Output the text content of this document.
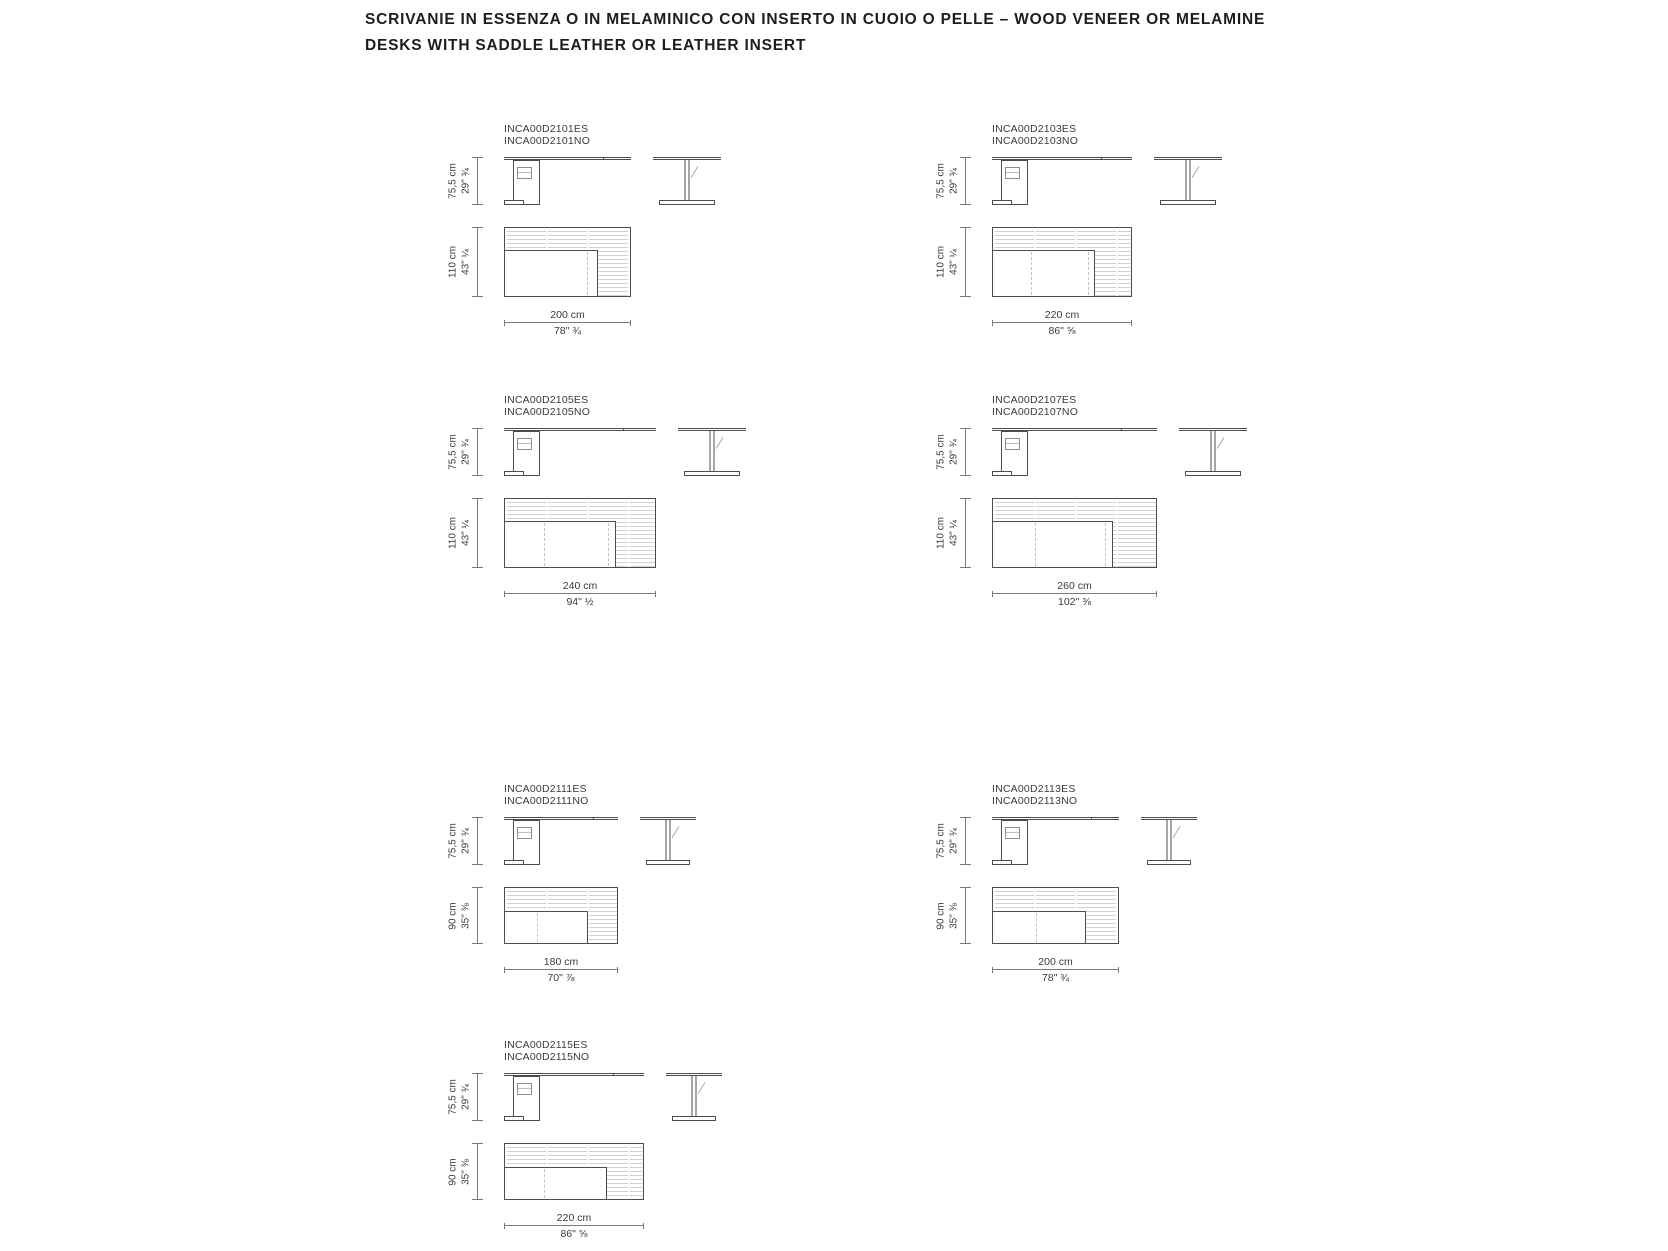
SCRIVANIE IN ESSENZA O IN MELAMINICO CON INSERTO IN CUOIO O PELLE – WOOD VENEER OR MELAMINE
DESKS WITH SADDLE LEATHER OR LEATHER INSERT
INCA00D2101ES
INCA00D2101NO
75,5 cm 29" ¾
110 cm 43" ¼
200 cm
78" ¾
INCA00D2103ES
INCA00D2103NO
75,5 cm 29" ¾
110 cm 43" ¼
220 cm
86" ⅝
INCA00D2105ES
INCA00D2105NO
75,5 cm 29" ¾
110 cm 43" ¼
240 cm
94" ½
INCA00D2107ES
INCA00D2107NO
75,5 cm 29" ¾
110 cm 43" ¼
260 cm
102" ⅜
INCA00D2111ES
INCA00D2111NO
75,5 cm 29" ¾
90 cm 35" ⅜
180 cm
70" ⅞
INCA00D2113ES
INCA00D2113NO
75,5 cm 29" ¾
90 cm 35" ⅜
200 cm
78" ¾
INCA00D2115ES
INCA00D2115NO
75,5 cm 29" ¾
90 cm 35" ⅜
220 cm
86" ⅝
